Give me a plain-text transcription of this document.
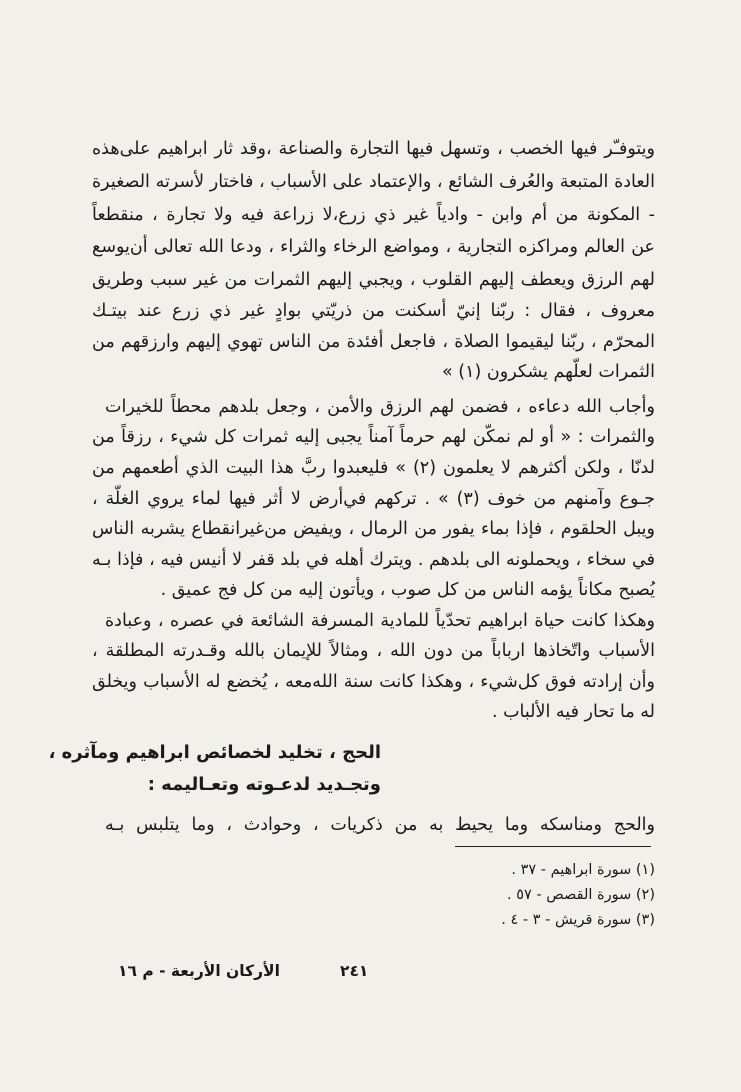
ويتوفـّر فيها الخصب ، وتسهل فيها التجارة والصناعة ،وقد ثار ابراهيم على‌هذه
العادة المتبعة والعُرف الشائع ، والإعتماد على الأسباب ، فاختار لأسرته الصغيرة
- المكونة من أم وابن - وادياً غير ذي زرع،لا زراعة فيه ولا تجارة ، منقطعاً
عن العالم ومراكزه التجارية ، ومواضع الرخاء والثراء ، ودعا الله تعالى أن‌يوسع
لهم الرزق ويعطف إليهم القلوب ، ويجبي إليهم الثمرات من غير سبب وطريق
معروف ، فقال : ربّنا إنيّ أسكنت من ذريّتي بوادٍ غير ذي زرع عند بيتـك
المحرّم ، ربّنا ليقيموا الصلاة ، فاجعل أفئدة من الناس تهوي إليهم وارزقهم من
الثمرات لعلّهم يشكرون (١) »
وأجاب الله دعاءه ، فضمن لهم الرزق والأمن ، وجعل بلدهم محطاً للخيرات
والثمرات : « أو لم نمكّن لهم حرماً آمناً يجبى إليه ثمرات كل شيء ، رزقاً من
لدنّا ، ولكن أكثرهم لا يعلمون (٢) » فليعبدوا ربَّ هذا البيت الذي أطعمهم من
جـوع وآمنهم من خوف (٣) » . تركهم في‌أرض لا أثر فيها لماء يروي الغلّة ،
ويبل الحلقوم ، فإذا بماء يفور من الرمال ، ويفيض من‌غير‌انقطاع يشربه الناس
في سخاء ، ويحملونه الى بلدهم . ويترك أهله في بلد قفر لا أنيس فيه ، فإذا بـه
يُصبح مكاناً يؤمه الناس من كل صوب ، ويأتون إليه من كل فج عميق .
وهكذا كانت حياة ابراهيم تحدّياً للمادية المسرفة الشائعة في عصره ، وعبادة
الأسباب واتّخاذها ارباباً من دون الله ، ومثالاً للإيمان بالله وقـدرته المطلقة ،
وأن إرادته فوق كل‌شيء ، وهكذا كانت سنة الله‌معه ، يُخضع له الأسباب ويخلق
له ما تحار فيه الألباب .
الحج ، تخليد لخصائص ابراهيم ومآثره ،
وتجـديد لدعـوته وتعـاليمه :
والحج ومناسكه وما يحيط به من ذكريات ، وحوادث ، وما يتلبس بـه
(١) سورة ابراهيم - ٣٧ .
(٢) سورة القصص - ٥٧ .
(٣) سورة قريش - ٣ - ٤ .
٢٤١
الأركان الأربعة - م ١٦
